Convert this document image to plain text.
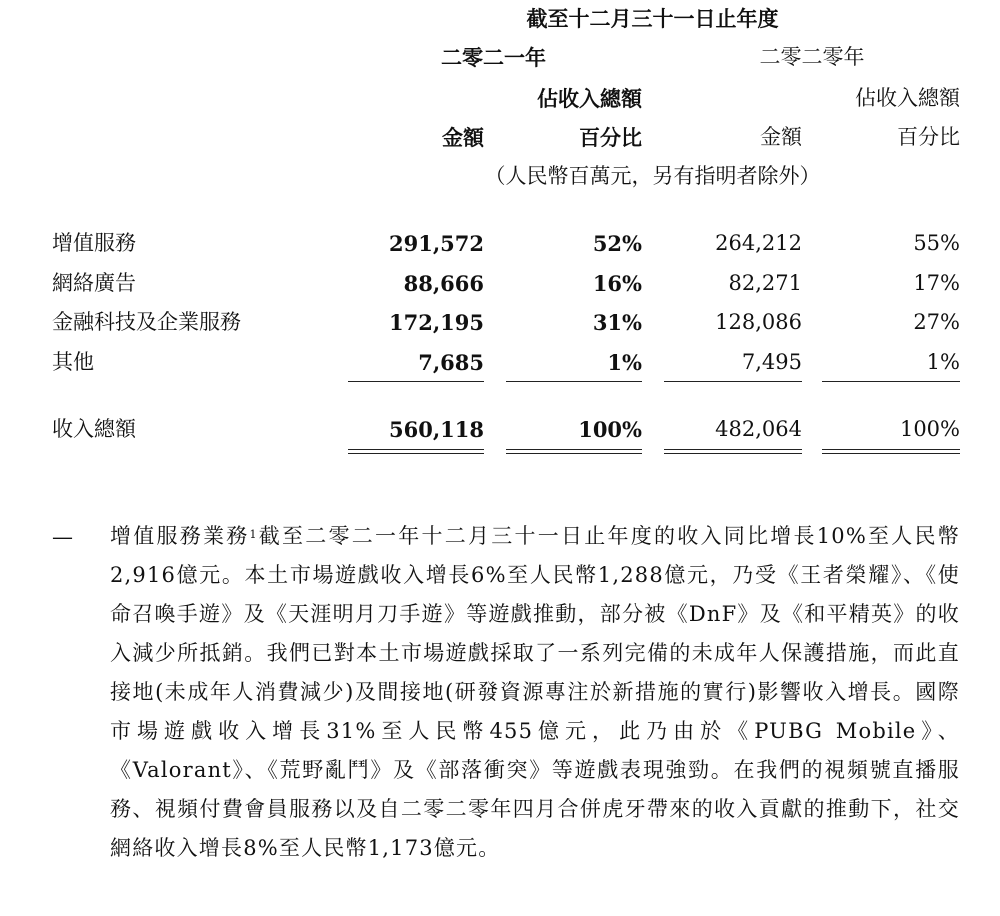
截至十二月三十一日止年度
二零二一年	二零二零年
佔收入總額	佔收入總額
金額	百分比	金額	百分比
（人民幣百萬元，另有指明者除外）
增值服務	291,572	52%	264,212	55%
網絡廣告	88,666	16%	82,271	17%
金融科技及企業服務	172,195	31%	128,086	27%
其他	7,685	1%	7,495	1%
收入總額	560,118	100%	482,064	100%
— 增值服務業務$^1$截至二零二一年十二月三十一日止年度的收入同比增長10%至人民幣2,916億元。本土市場遊戲收入增長6%至人民幣1,288億元，乃受《王者榮耀》、《使命召喚手遊》及《天涯明月刀手遊》等遊戲推動，部分被《DnF》及《和平精英》的收入減少所抵銷。我們已對本土市場遊戲採取了一系列完備的未成年人保護措施，而此直接地(未成年人消費減少)及間接地(研發資源專注於新措施的實行)影響收入增長。國際市場遊戲收入增長31%至人民幣455億元，此乃由於《PUBG Mobile》、《Valorant》、《荒野亂鬥》及《部落衝突》等遊戲表現強勁。在我們的視頻號直播服務、視頻付費會員服務以及自二零二零年四月合併虎牙帶來的收入貢獻的推動下，社交網絡收入增長8%至人民幣1,173億元。
